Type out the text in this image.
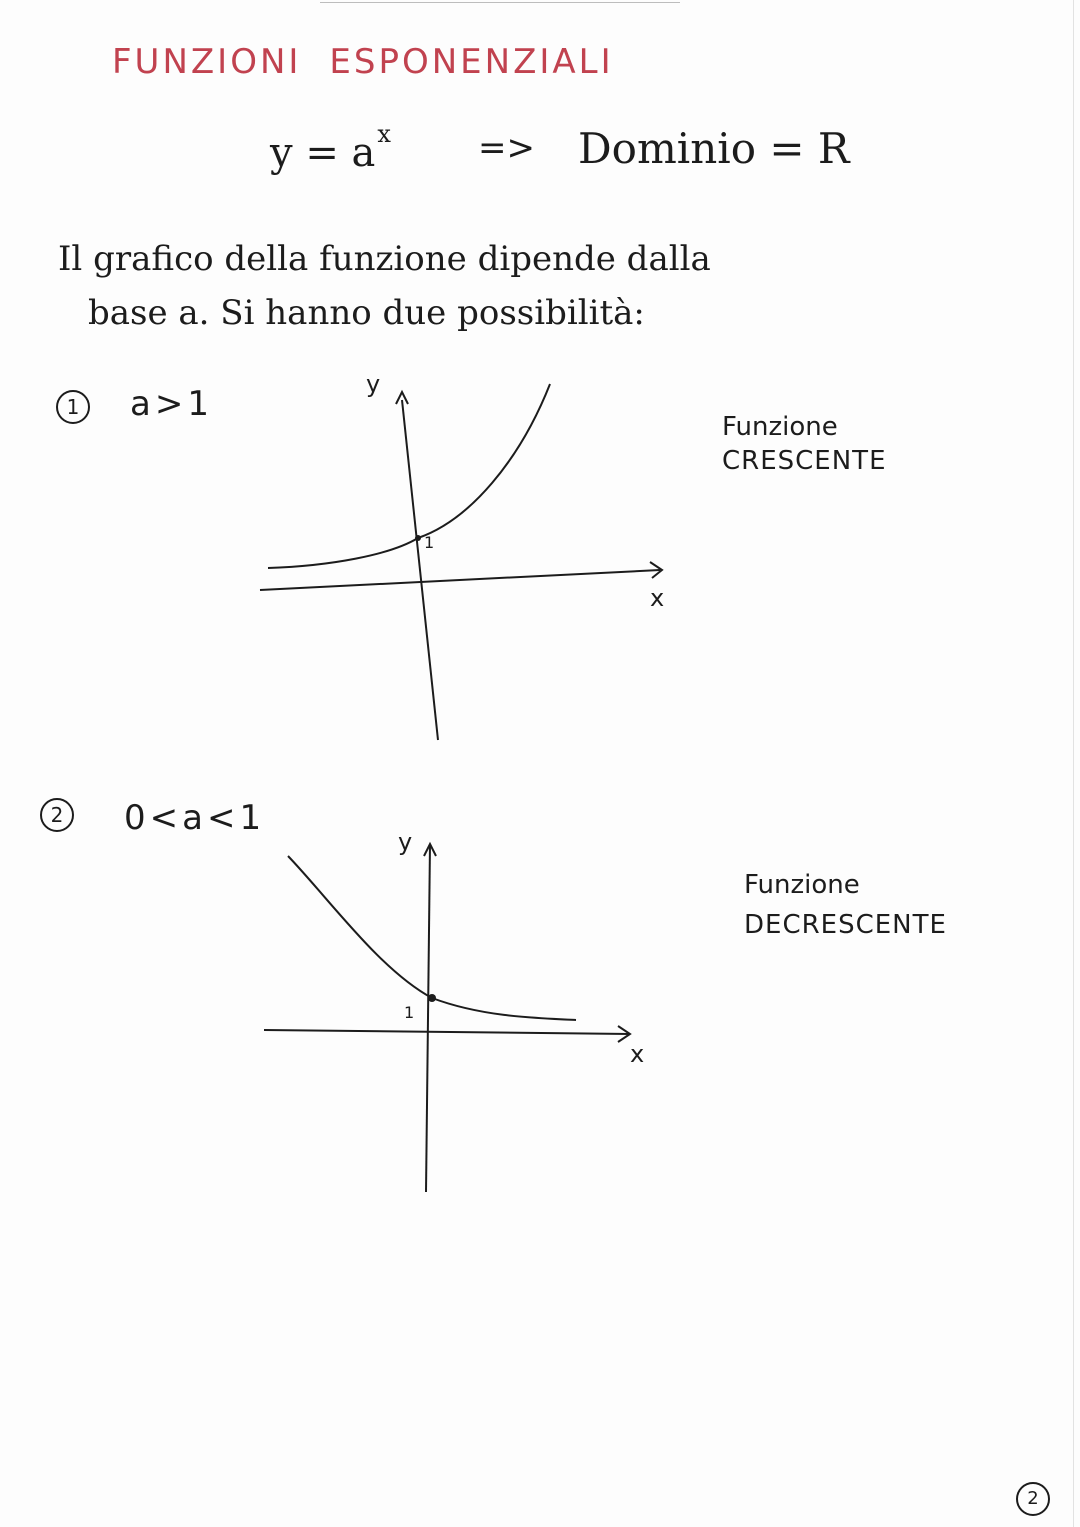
FUNZIONI ESPONENZIALI
$y = a^x$	=> Dominio = R
Il grafico della funzione dipende dalla
base a. Si hanno due possibilità:
1	a>1
1
y
x
Funzione
CRESCENTE
2	0<a<1
1
y
x
Funzione
DECRESCENTE
2
